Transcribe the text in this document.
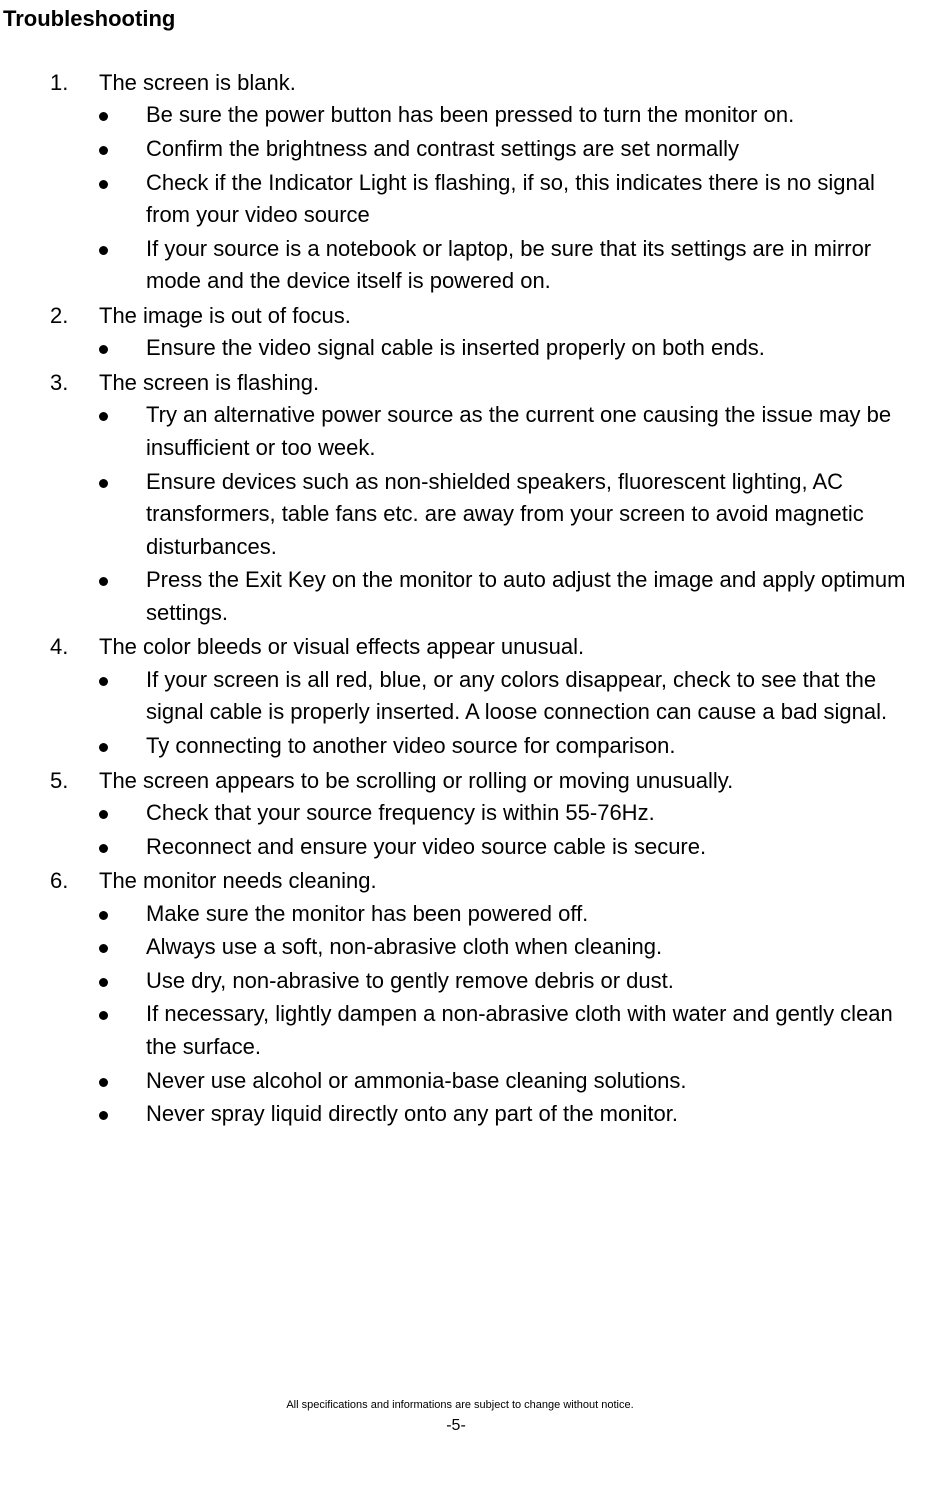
Troubleshooting
1. The screen is blank.
Be sure the power button has been pressed to turn the monitor on.
Confirm the brightness and contrast settings are set normally
Check if the Indicator Light is flashing, if so, this indicates there is no signal from your video source
If your source is a notebook or laptop, be sure that its settings are in mirror mode and the device itself is powered on.
2. The image is out of focus.
Ensure the video signal cable is inserted properly on both ends.
3. The screen is flashing.
Try an alternative power source as the current one causing the issue may be insufficient or too week.
Ensure devices such as non-shielded speakers, fluorescent lighting, AC transformers, table fans etc. are away from your screen to avoid magnetic disturbances.
Press the Exit Key on the monitor to auto adjust the image and apply optimum settings.
4. The color bleeds or visual effects appear unusual.
If your screen is all red, blue, or any colors disappear, check to see that the signal cable is properly inserted. A loose connection can cause a bad signal.
Ty connecting to another video source for comparison.
5. The screen appears to be scrolling or rolling or moving unusually.
Check that your source frequency is within 55-76Hz.
Reconnect and ensure your video source cable is secure.
6. The monitor needs cleaning.
Make sure the monitor has been powered off.
Always use a soft, non-abrasive cloth when cleaning.
Use dry, non-abrasive to gently remove debris or dust.
If necessary, lightly dampen a non-abrasive cloth with water and gently clean the surface.
Never use alcohol or ammonia-base cleaning solutions.
Never spray liquid directly onto any part of the monitor.
All specifications and informations are subject to change without notice.
-5-
